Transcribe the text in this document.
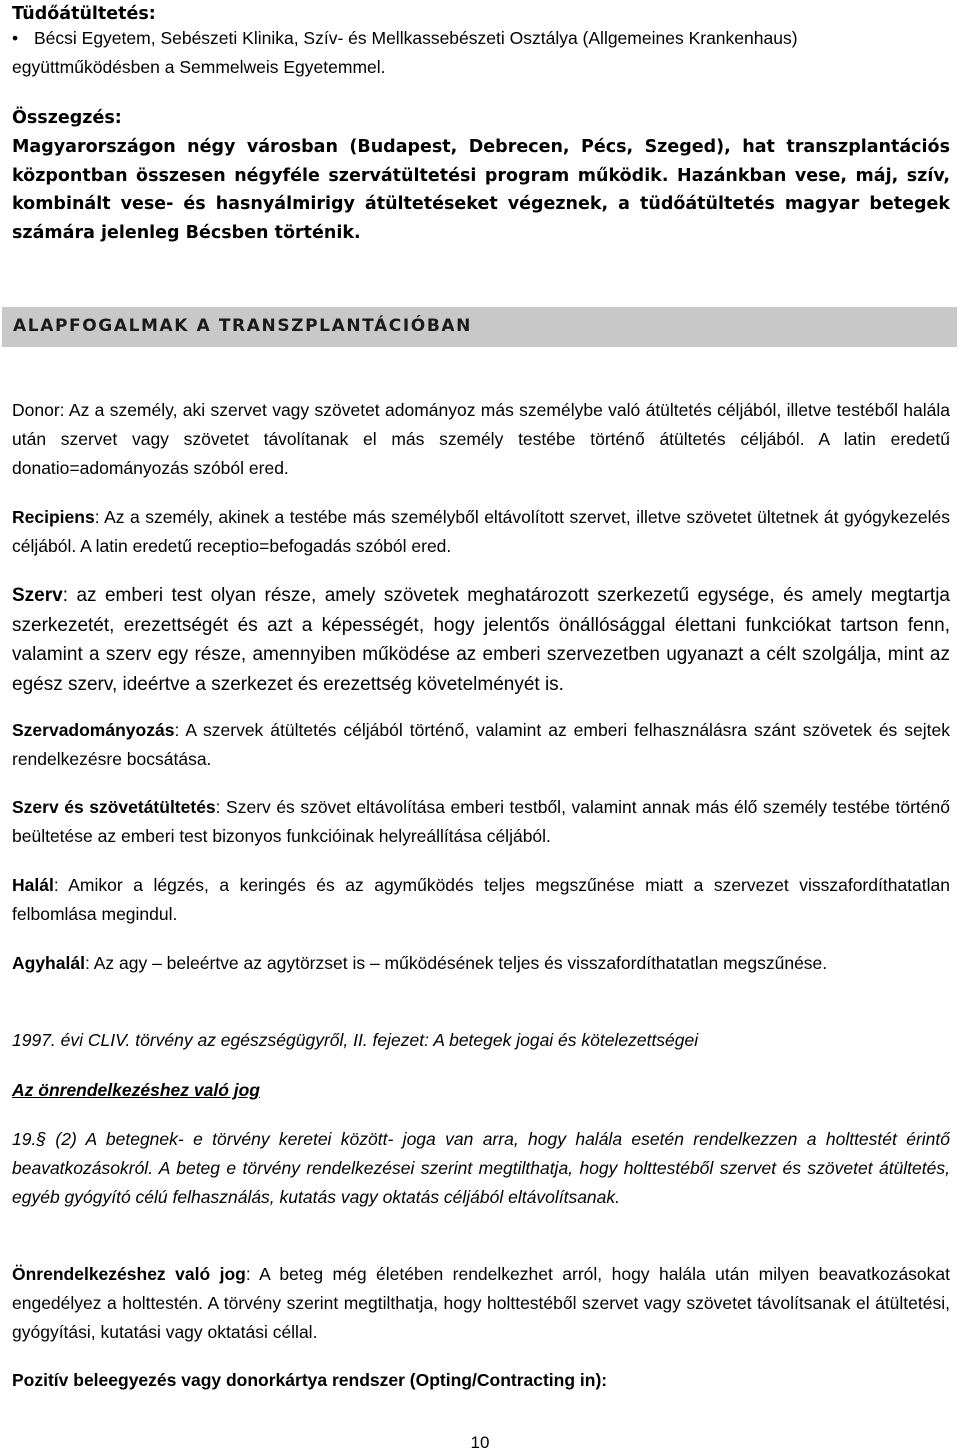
Tüdőátültetés:
• Bécsi Egyetem, Sebészeti Klinika, Szív- és Mellkassebészeti Osztálya (Allgemeines Krankenhaus) együttműködésben a Semmelweis Egyetemmel.
Összegzés:

Magyarországon négy városban (Budapest, Debrecen, Pécs, Szeged), hat transzplantációs központban összesen négyféle szervátültetési program működik. Hazánkban vese, máj, szív, kombinált vese- és hasnyálmirigy átültetéseket végeznek, a tüdőátültetés magyar betegek számára jelenleg Bécsben történik.

ALAPFOGALMAK A TRANSZPLANTÁCIÓBAN

Donor: Az a személy, aki szervet vagy szövetet adományoz más személybe való átültetés céljából, illetve testéből halála után szervet vagy szövetet távolítanak el más személy testébe történő átültetés céljából. A latin eredetű donatio=adományozás szóból ered.

Recipiens: Az a személy, akinek a testébe más személyből eltávolított szervet, illetve szövetet ültetnek át gyógykezelés céljából. A latin eredetű receptio=befogadás szóból ered.

Szerv: az emberi test olyan része, amely szövetek meghatározott szerkezetű egysége, és amely megtartja szerkezetét, erezettségét és azt a képességét, hogy jelentős önállósággal élettani funkciókat tartson fenn, valamint a szerv egy része, amennyiben működése az emberi szervezetben ugyanazt a célt szolgálja, mint az egész szerv, ideértve a szerkezet és erezettség követelményét is.

Szervadományozás: A szervek átültetés céljából történő, valamint az emberi felhasználásra szánt szövetek és sejtek rendelkezésre bocsátása.

Szerv és szövetátültetés: Szerv és szövet eltávolítása emberi testből, valamint annak más élő személy testébe történő beültetése az emberi test bizonyos funkcióinak helyreállítása céljából.

Halál: Amikor a légzés, a keringés és az agyműködés teljes megszűnése miatt a szervezet visszafordíthatatlan felbomlása megindul.

Agyhalál: Az agy – beleértve az agytörzset is – működésének teljes és visszafordíthatatlan megszűnése.

1997. évi CLIV. törvény az egészségügyről, II. fejezet: A betegek jogai és kötelezettségei

Az önrendelkezéshez való jog

19.§ (2) A betegnek- e törvény keretei között- joga van arra, hogy halála esetén rendelkezzen a holttestét érintő beavatkozásokról. A beteg e törvény rendelkezései szerint megtilthatja, hogy holttestéből szervet és szövetet átültetés, egyéb gyógyító célú felhasználás, kutatás vagy oktatás céljából eltávolítsanak.

Önrendelkezéshez való jog: A beteg még életében rendelkezhet arról, hogy halála után milyen beavatkozásokat engedélyez a holttestén. A törvény szerint megtilthatja, hogy holttestéből szervet vagy szövetet távolítsanak el átültetési, gyógyítási, kutatási vagy oktatási céllal.

Pozitív beleegyezés vagy donorkártya rendszer (Opting/Contracting in):

10
